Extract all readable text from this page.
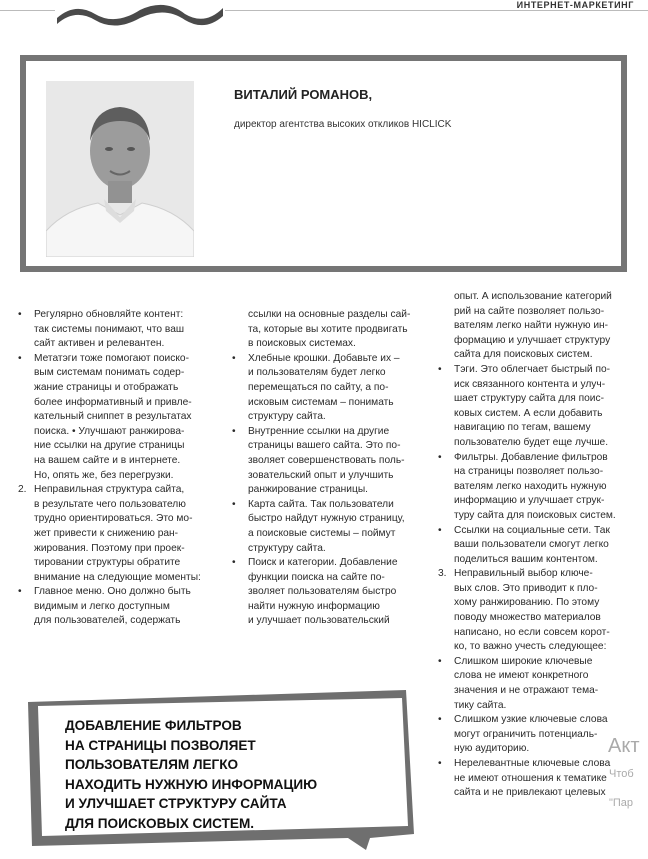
ИНТЕРНЕТ-МАРКЕТИНГ
ВИТАЛИЙ РОМАНОВ,
директор агентства высоких откликов HICLICK
• Регулярно обновляйте контент:
так системы понимают, что ваш
сайт активен и релевантен.
• Метатэги тоже помогают поиско-
вым системам понимать содер-
жание страницы и отображать
более информативный и привле-
кательный сниппет в результатах
поиска. • Улучшают ранжирова-
ние ссылки на другие страницы
на вашем сайте и в интернете.
Но, опять же, без перегрузки.
2. Неправильная структура сайта,
в результате чего пользователю
трудно ориентироваться. Это мо-
жет привести к снижению ран-
жирования. Поэтому при проек-
тировании структуры обратите
внимание на следующие моменты:
• Главное меню. Оно должно быть
видимым и легко доступным
для пользователей, содержать
ссылки на основные разделы сай-
та, которые вы хотите продвигать
в поисковых системах.
• Хлебные крошки. Добавьте их –
и пользователям будет легко
перемещаться по сайту, а по-
исковым системам – понимать
структуру сайта.
• Внутренние ссылки на другие
страницы вашего сайта. Это по-
зволяет совершенствовать поль-
зовательский опыт и улучшить
ранжирование страницы.
• Карта сайта. Так пользователи
быстро найдут нужную страницу,
а поисковые системы – поймут
структуру сайта.
• Поиск и категории. Добавление
функции поиска на сайте по-
зволяет пользователям быстро
найти нужную информацию
и улучшает пользовательский
опыт. А использование категорий
рий на сайте позволяет пользо-
вателям легко найти нужную ин-
формацию и улучшает структуру
сайта для поисковых систем.
• Тэги. Это облегчает быстрый по-
иск связанного контента и улуч-
шает структуру сайта для поис-
ковых систем. А если добавить
навигацию по тегам, вашему
пользователю будет еще лучше.
• Фильтры. Добавление фильтров
на страницы позволяет пользо-
вателям легко находить нужную
информацию и улучшает струк-
туру сайта для поисковых систем.
• Ссылки на социальные сети. Так
ваши пользователи смогут легко
поделиться вашим контентом.
3. Неправильный выбор ключе-
вых слов. Это приводит к пло-
хому ранжированию. По этому
поводу множество материалов
написано, но если совсем корот-
ко, то важно учесть следующее:
• Слишком широкие ключевые
слова не имеют конкретного
значения и не отражают тема-
тику сайта.
• Слишком узкие ключевые слова
могут ограничить потенциаль-
ную аудиторию.
• Нерелевантные ключевые слова
не имеют отношения к тематике
сайта и не привлекают целевых
ДОБАВЛЕНИЕ ФИЛЬТРОВ
НА СТРАНИЦЫ ПОЗВОЛЯЕТ
ПОЛЬЗОВАТЕЛЯМ ЛЕГКО
НАХОДИТЬ НУЖНУЮ ИНФОРМАЦИЮ
И УЛУЧШАЕТ СТРУКТУРУ САЙТА
ДЛЯ ПОИСКОВЫХ СИСТЕМ.
Акт
Чтоб
"Пар
